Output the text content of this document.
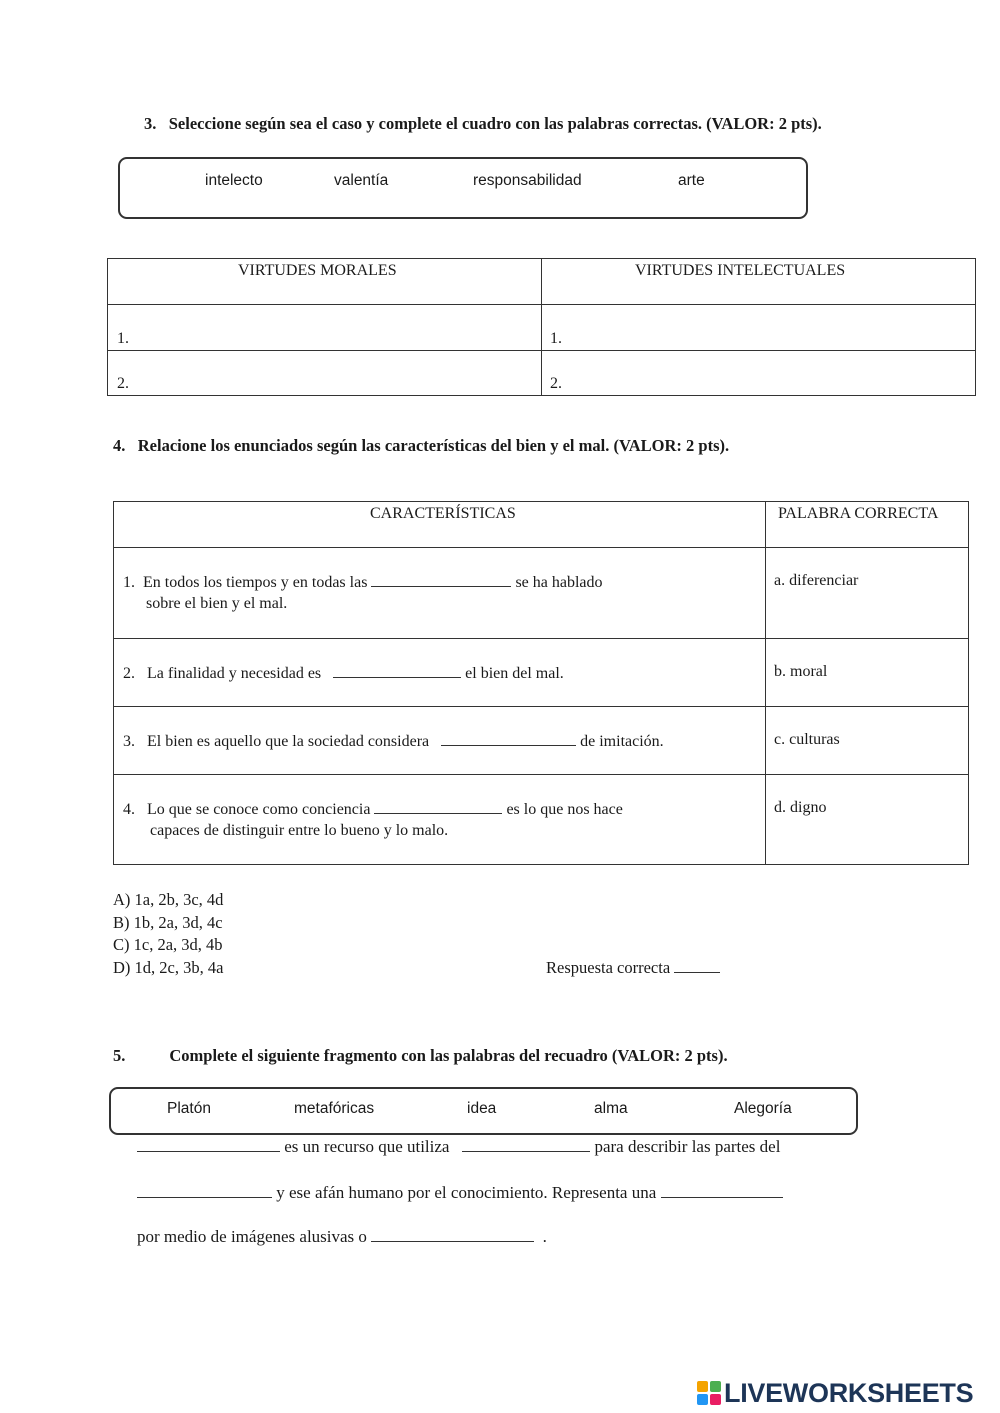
3. Seleccione según sea el caso y complete el cuadro con las palabras correctas. (VALOR: 2 pts).
intelecto	valentía	responsabilidad	arte
VIRTUDES MORALES	VIRTUDES INTELECTUALES

1.	1.

2.	2.
4. Relacione los enunciados según las características del bien y el mal. (VALOR: 2 pts).
CARACTERÍSTICAS	PALABRA CORRECTA

1. En todos los tiempos y en todas las se ha hablado
sobre el bien y el mal.	a. diferenciar

2. La finalidad y necesidad es el bien del mal.	b. moral

3. El bien es aquello que la sociedad considera de imitación.	c. culturas

4. Lo que se conoce como conciencia es lo que nos hace
capaces de distinguir entre lo bueno y lo malo.	d. digno
A) 1a, 2b, 3c, 4d
B) 1b, 2a, 3d, 4c
C) 1c, 2a, 3d, 4b
D) 1d, 2c, 3b, 4a	Respuesta correcta
5.	Complete el siguiente fragmento con las palabras del recuadro (VALOR: 2 pts).
Platón	metafóricas	idea	alma	Alegoría
es un recurso que utiliza	para describir las partes del
y ese afán humano por el conocimiento. Representa una
por medio de imágenes alusivas o	.
LIVEWORKSHEETS
